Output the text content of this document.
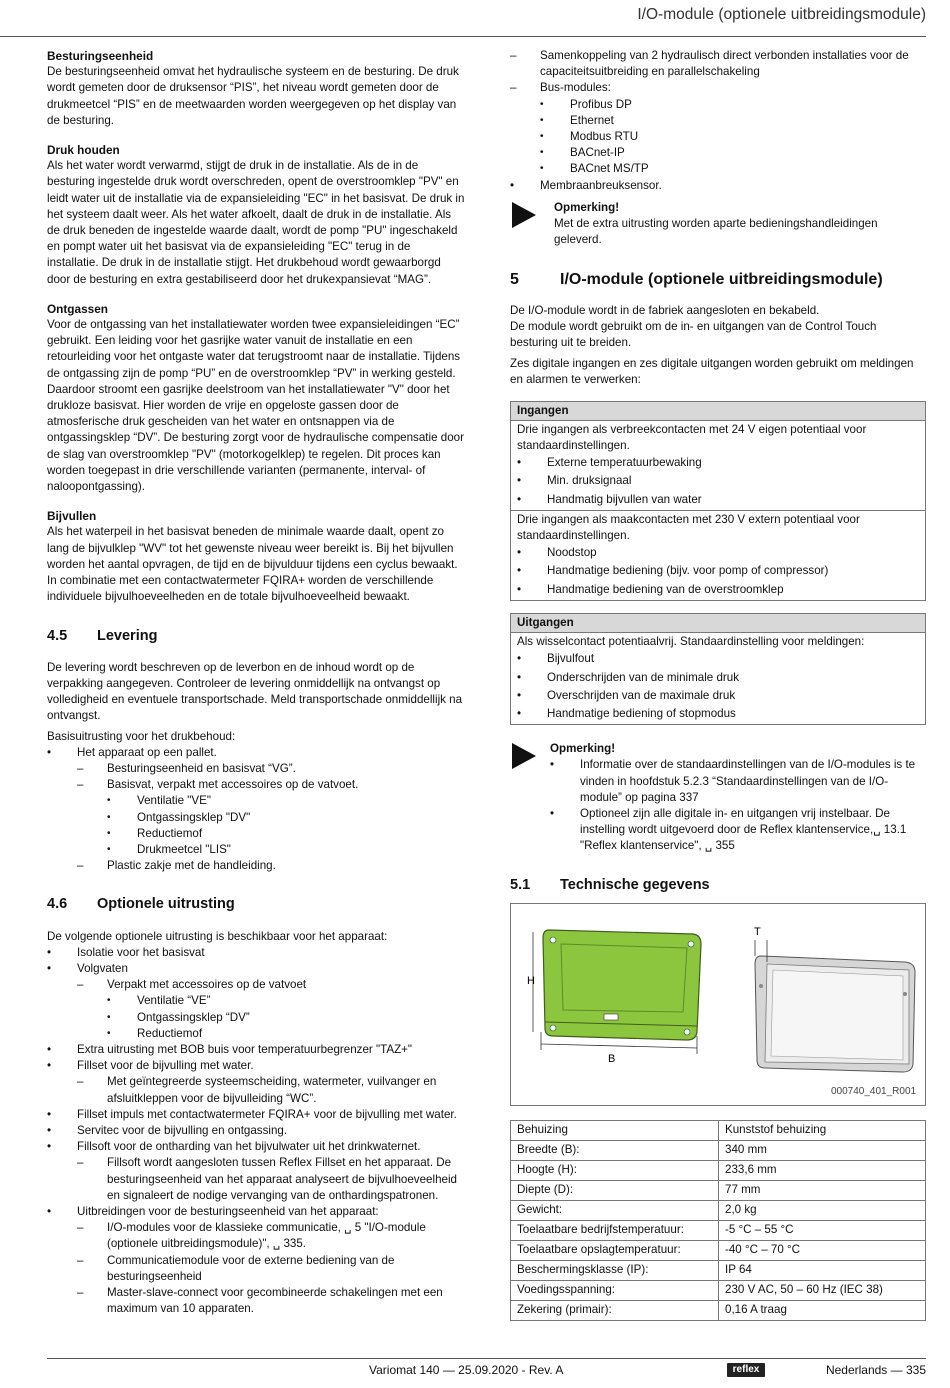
I/O-module (optionele uitbreidingsmodule)
Besturingseenheid

De besturingseenheid omvat het hydraulische systeem en de besturing. De druk wordt gemeten door de druksensor “PIS”, het niveau wordt gemeten door de drukmeetcel “PIS” en de meetwaarden worden weergegeven op het display van de besturing.

Druk houden

Als het water wordt verwarmd, stijgt de druk in de installatie. Als de in de besturing ingestelde druk wordt overschreden, opent de overstroomklep "PV" en leidt water uit de installatie via de expansieleiding "EC" in het basisvat. De druk in het systeem daalt weer. Als het water afkoelt, daalt de druk in de installatie. Als de druk beneden de ingestelde waarde daalt, wordt de pomp "PU" ingeschakeld en pompt water uit het basisvat via de expansieleiding "EC" terug in de installatie. De druk in de installatie stijgt. Het drukbehoud wordt gewaarborgd door de besturing en extra gestabiliseerd door het drukexpansievat “MAG”.

Ontgassen

Voor de ontgassing van het installatiewater worden twee expansieleidingen “EC” gebruikt. Een leiding voor het gasrijke water vanuit de installatie en een retourleiding voor het ontgaste water dat terugstroomt naar de installatie. Tijdens de ontgassing zijn de pomp “PU” en de overstroomklep “PV” in werking gesteld. Daardoor stroomt een gasrijke deelstroom van het installatiewater "V" door het drukloze basisvat. Hier worden de vrije en opgeloste gassen door de atmosferische druk gescheiden van het water en ontsnappen via de ontgassingsklep “DV”. De besturing zorgt voor de hydraulische compensatie door de slag van overstroomklep "PV" (motorkogelklep) te regelen. Dit proces kan worden toegepast in drie verschillende varianten (permanente, interval- of naloopontgassing).

Bijvullen

Als het waterpeil in het basisvat beneden de minimale waarde daalt, opent zo lang de bijvulklep "WV" tot het gewenste niveau weer bereikt is. Bij het bijvullen worden het aantal opvragen, de tijd en de bijvulduur tijdens een cyclus bewaakt. In combinatie met een contactwatermeter FQIRA+ worden de verschillende individuele bijvulhoeveelheden en de totale bijvulhoeveelheid bewaakt.

4.5	Levering

De levering wordt beschreven op de leverbon en de inhoud wordt op de verpakking aangegeven. Controleer de levering onmiddellijk na ontvangst op volledigheid en eventuele transportschade. Meld transportschade onmiddellijk na ontvangst.

Basisuitrusting voor het drukbehoud:

• Het apparaat op een pallet.
– Besturingseenheid en basisvat “VG”.
– Basisvat, verpakt met accessoires op de vatvoet.
• Ventilatie "VE"
• Ontgassingsklep "DV"
• Reductiemof
• Drukmeetcel "LIS"
– Plastic zakje met de handleiding.
4.6	Optionele uitrusting

De volgende optionele uitrusting is beschikbaar voor het apparaat:

• Isolatie voor het basisvat
• Volgvaten
– Verpakt met accessoires op de vatvoet
• Ventilatie “VE”
• Ontgassingsklep “DV”
• Reductiemof
• Extra uitrusting met BOB buis voor temperatuurbegrenzer "TAZ+"
• Fillset voor de bijvulling met water.
– Met geïntegreerde systeemscheiding, watermeter, vuilvanger en afsluitkleppen voor de bijvulleiding “WC”.
• Fillset impuls met contactwatermeter FQIRA+ voor de bijvulling met water.
• Servitec voor de bijvulling en ontgassing.
• Fillsoft voor de ontharding van het bijvulwater uit het drinkwaternet.
– Fillsoft wordt aangesloten tussen Reflex Fillset en het apparaat. De besturingseenheid van het apparaat analyseert de bijvulhoeveelheid en signaleert de nodige vervanging van de onthardingspatronen.
• Uitbreidingen voor de besturingseenheid van het apparaat:
– I/O-modules voor de klassieke communicatie, ␣ 5 "I/O-module (optionele uitbreidingsmodule)", ␣ 335.
– Communicatiemodule voor de externe bediening van de besturingseenheid
– Master-slave-connect voor gecombineerde schakelingen met een maximum van 10 apparaten.
– Samenkoppeling van 2 hydraulisch direct verbonden installaties voor de capaciteitsuitbreiding en parallelschakeling
– Bus-modules:
• Profibus DP
• Ethernet
• Modbus RTU
• BACnet-IP
• BACnet MS/TP
• Membraanbreuksensor.
Opmerking!

Met de extra uitrusting worden aparte bedieningshandleidingen geleverd.

5	I/O-module (optionele uitbreidingsmodule)

De I/O-module wordt in de fabriek aangesloten en bekabeld.

De module wordt gebruikt om de in- en uitgangen van de Control Touch besturing uit te breiden.

Zes digitale ingangen en zes digitale uitgangen worden gebruikt om meldingen en alarmen te verwerken:

Ingangen

Drie ingangen als verbreekcontacten met 24 V eigen potentiaal voor standaardinstellingen.

• Externe temperatuurbewaking
• Min. druksignaal
• Handmatig bijvullen van water

Drie ingangen als maakcontacten met 230 V extern potentiaal voor standaardinstellingen.

• Noodstop
• Handmatige bediening (bijv. voor pomp of compressor)
• Handmatige bediening van de overstroomklep
Uitgangen

Als wisselcontact potentiaalvrij. Standaardinstelling voor meldingen:

• Bijvulfout
• Onderschrijden van de minimale druk
• Overschrijden van de maximale druk
• Handmatige bediening of stopmodus
Opmerking!
• Informatie over de standaardinstellingen van de I/O-modules is te vinden in hoofdstuk 5.2.3 “Standaardinstellingen van de I/O-module” op pagina 337
• Optioneel zijn alle digitale in- en uitgangen vrij instelbaar. De instelling wordt uitgevoerd door de Reflex klantenservice,␣ 13.1 "Reflex klantenservice", ␣ 355
5.1	Technische gegevens
H
B
T
000740_401_R001
Behuizing	Kunststof behuizing
Breedte (B):	340 mm
Hoogte (H):	233,6 mm
Diepte (D):	77 mm
Gewicht:	2,0 kg
Toelaatbare bedrijfstemperatuur:	-5 °C – 55 °C
Toelaatbare opslagtemperatuur:	-40 °C – 70 °C
Beschermingsklasse (IP):	IP 64
Voedingsspanning:	230 V AC, 50 – 60 Hz (IEC 38)
Zekering (primair):	0,16 A traag
Variomat 140 — 25.09.2020 - Rev. A	reflex	Nederlands — 335
